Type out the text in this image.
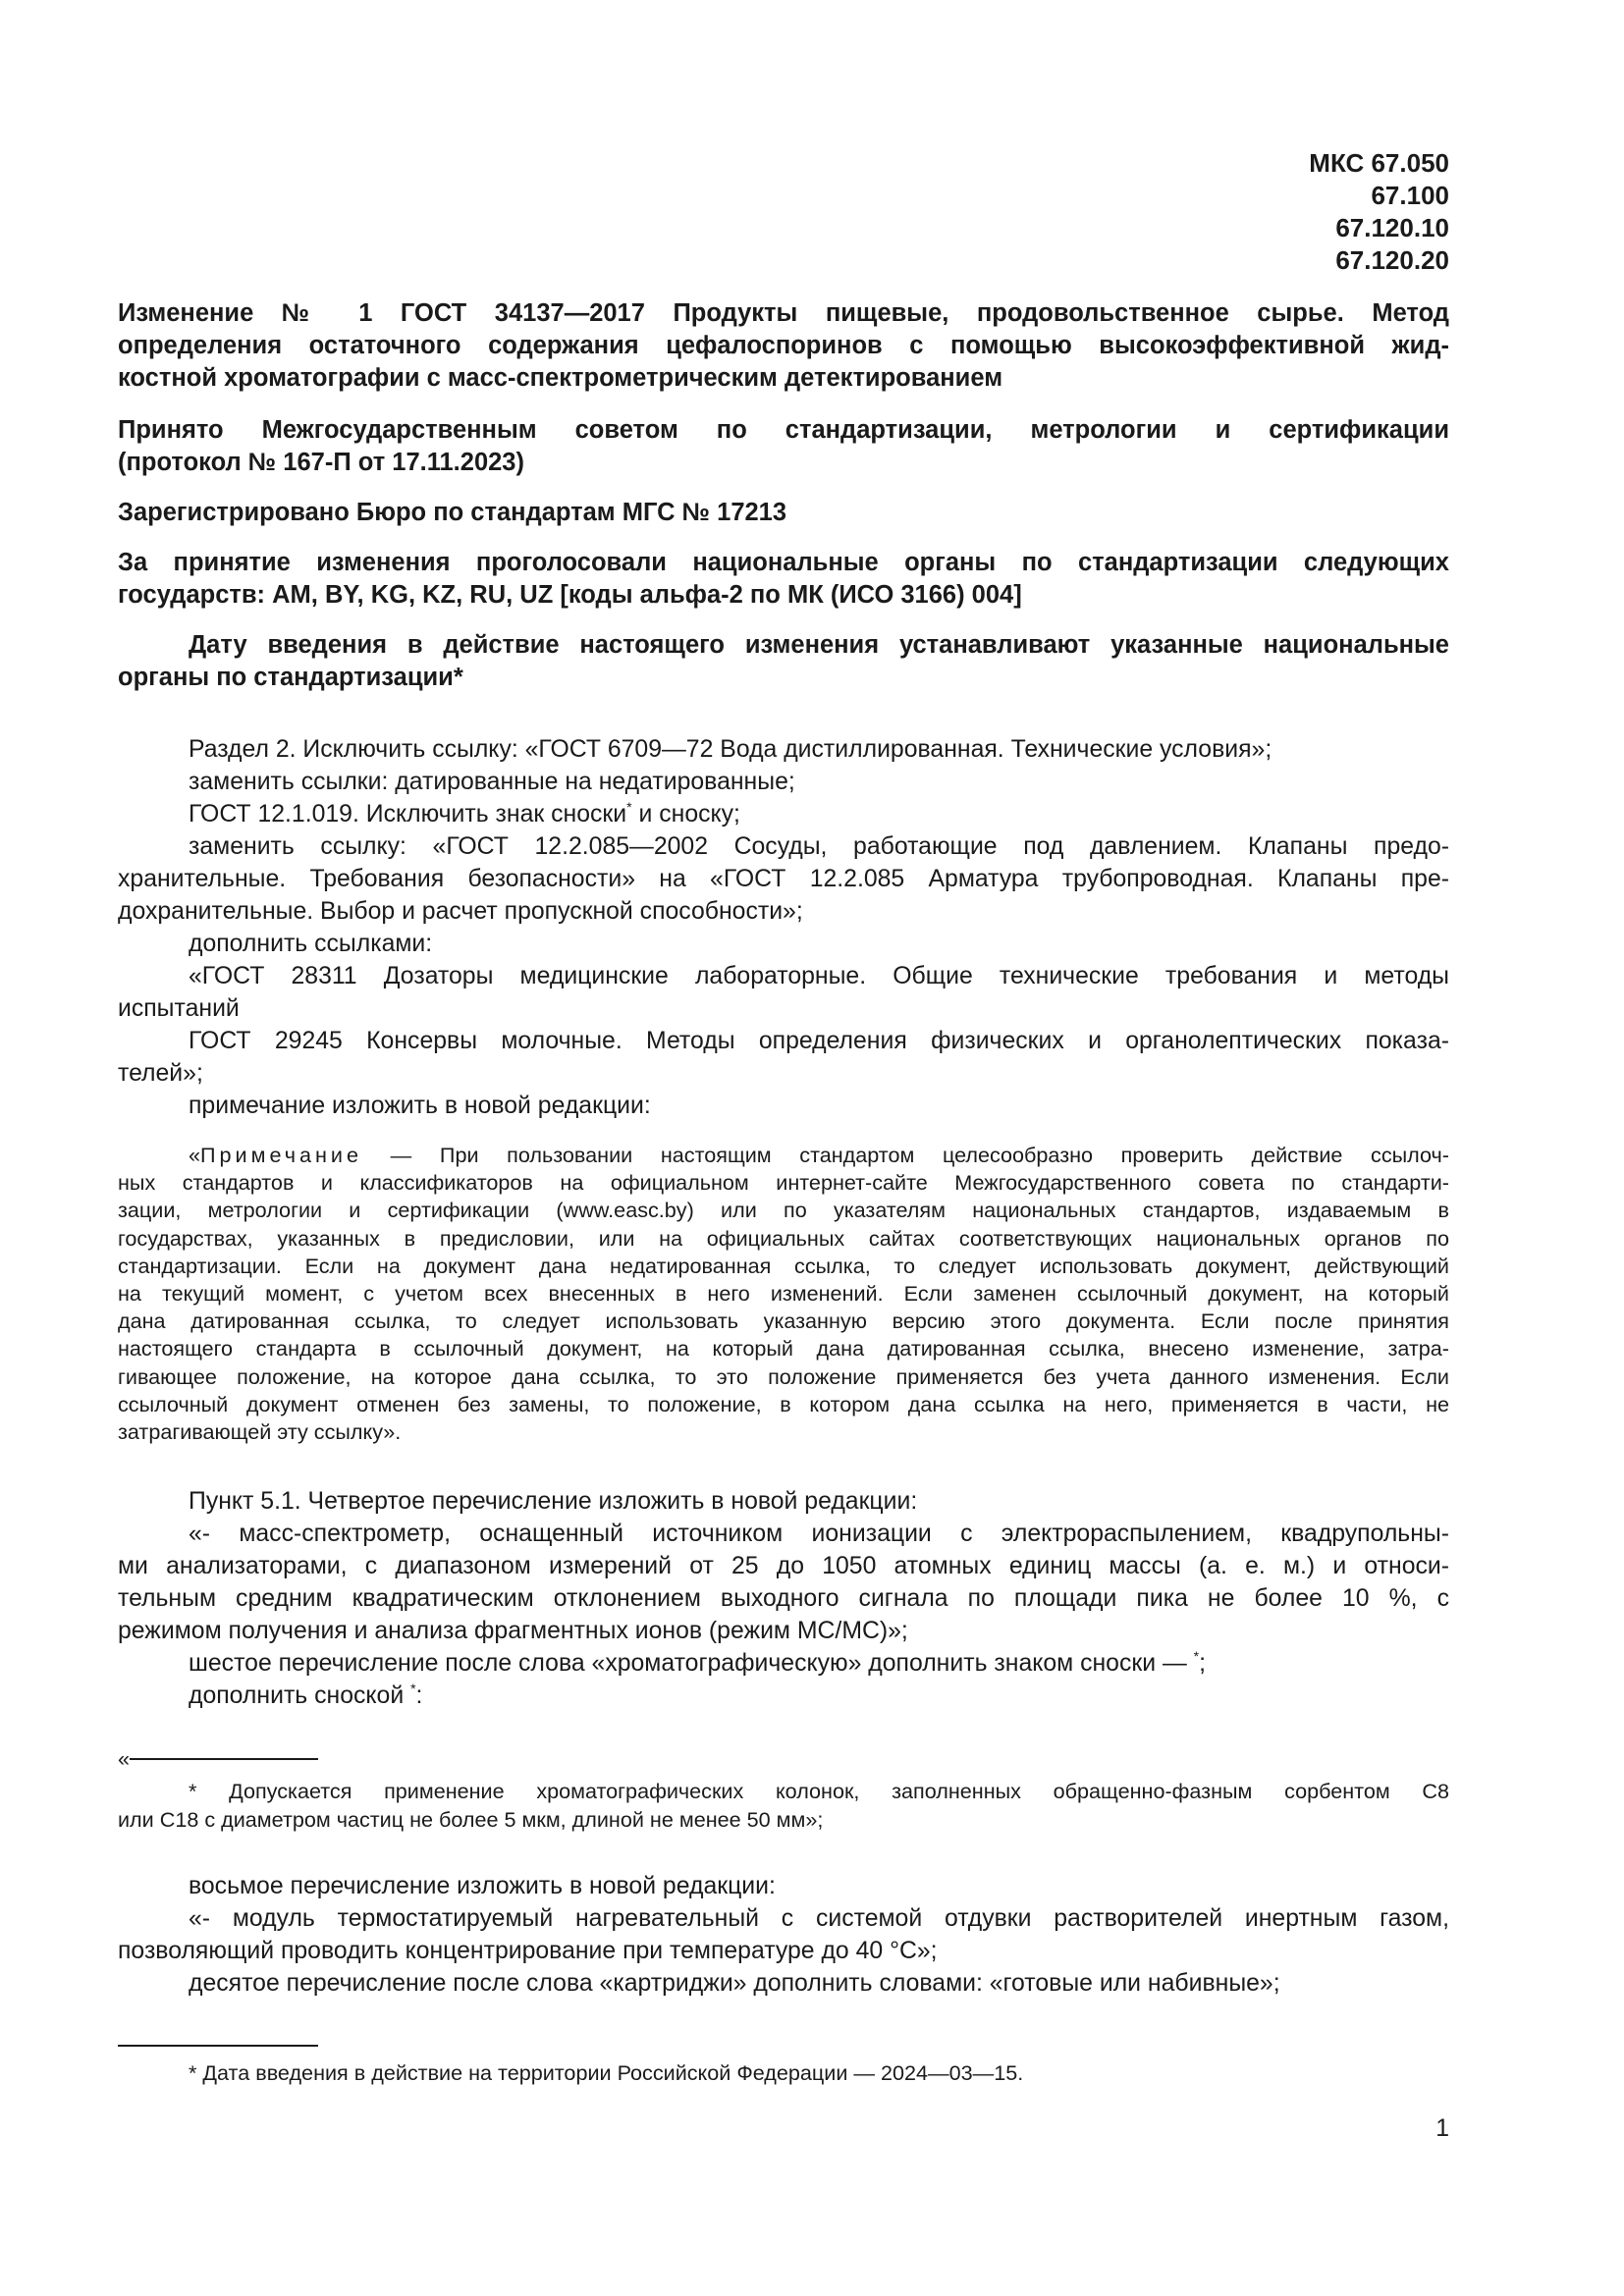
МКС 67.050
67.100
67.120.10
67.120.20
Изменение № 1 ГОСТ 34137—2017 Продукты пищевые, продовольственное сырье. Метод
определения остаточного содержания цефалоспоринов с помощью высокоэффективной жид-
костной хроматографии с масс-спектрометрическим детектированием
Принято Межгосударственным советом по стандартизации, метрологии и сертификации
(протокол № 167-П от 17.11.2023)
Зарегистрировано Бюро по стандартам МГС № 17213
За принятие изменения проголосовали национальные органы по стандартизации следующих
государств: AM, BY, KG, KZ, RU, UZ [коды альфа-2 по МК (ИСО 3166) 004]
Дату введения в действие настоящего изменения устанавливают указанные национальные
органы по стандартизации*
Раздел 2. Исключить ссылку: «ГОСТ 6709—72 Вода дистиллированная. Технические условия»;
заменить ссылки: датированные на недатированные;
ГОСТ 12.1.019. Исключить знак сноски* и сноску;
заменить ссылку: «ГОСТ 12.2.085—2002 Сосуды, работающие под давлением. Клапаны предо-
хранительные. Требования безопасности» на «ГОСТ 12.2.085 Арматура трубопроводная. Клапаны пре-
дохранительные. Выбор и расчет пропускной способности»;
дополнить ссылками:
«ГОСТ 28311 Дозаторы медицинские лабораторные. Общие технические требования и методы
испытаний
ГОСТ 29245 Консервы молочные. Методы определения физических и органолептических показа-
телей»;
примечание изложить в новой редакции:
«Примечание — При пользовании настоящим стандартом целесообразно проверить действие ссылоч-
ных стандартов и классификаторов на официальном интернет-сайте Межгосударственного совета по стандарти-
зации, метрологии и сертификации (www.easc.by) или по указателям национальных стандартов, издаваемым в
государствах, указанных в предисловии, или на официальных сайтах соответствующих национальных органов по
стандартизации. Если на документ дана недатированная ссылка, то следует использовать документ, действующий
на текущий момент, с учетом всех внесенных в него изменений. Если заменен ссылочный документ, на который
дана датированная ссылка, то следует использовать указанную версию этого документа. Если после принятия
настоящего стандарта в ссылочный документ, на который дана датированная ссылка, внесено изменение, затра-
гивающее положение, на которое дана ссылка, то это положение применяется без учета данного изменения. Если
ссылочный документ отменен без замены, то положение, в котором дана ссылка на него, применяется в части, не
затрагивающей эту ссылку».
Пункт 5.1. Четвертое перечисление изложить в новой редакции:
«- масс-спектрометр, оснащенный источником ионизации с электрораспылением, квадрупольны-
ми анализаторами, с диапазоном измерений от 25 до 1050 атомных единиц массы (а. е. м.) и относи-
тельным средним квадратическим отклонением выходного сигнала по площади пика не более 10 %, с
режимом получения и анализа фрагментных ионов (режим МС/МС)»;
шестое перечисление после слова «хроматографическую» дополнить знаком сноски — *;
дополнить сноской *:
«
* Допускается применение хроматографических колонок, заполненных обращенно-фазным сорбентом С8
или С18 с диаметром частиц не более 5 мкм, длиной не менее 50 мм»;
восьмое перечисление изложить в новой редакции:
«- модуль термостатируемый нагревательный с системой отдувки растворителей инертным газом,
позволяющий проводить концентрирование при температуре до 40 °С»;
десятое перечисление после слова «картриджи» дополнить словами: «готовые или набивные»;
* Дата введения в действие на территории Российской Федерации — 2024—03—15.
1
